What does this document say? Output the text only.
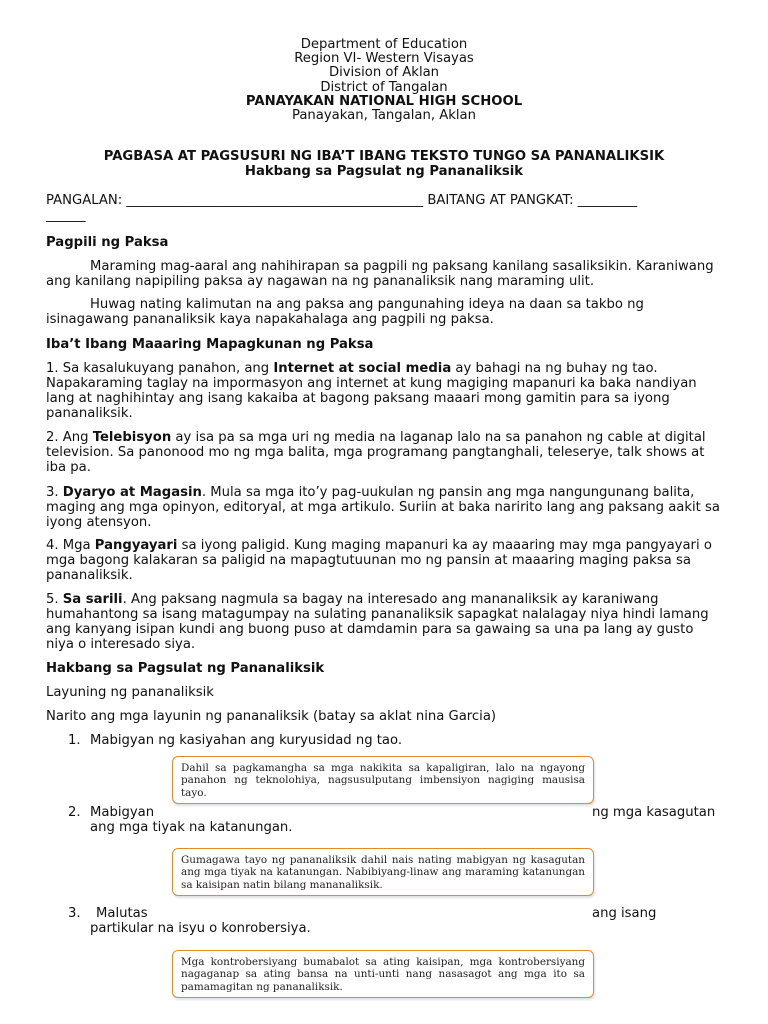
Department of Education
Region VI- Western Visayas
Division of Aklan
District of Tangalan
PANAYAKAN NATIONAL HIGH SCHOOL
Panayakan, Tangalan, Aklan
PAGBASA AT PAGSUSURI NG IBA’T IBANG TEKSTO TUNGO SA PANANALIKSIK
Hakbang sa Pagsulat ng Pananaliksik
PANGALAN: _____________________________________________ BAITANG AT PANGKAT: _________
______
Pagpili ng Paksa
Maraming mag-aaral ang nahihirapan sa pagpili ng paksang kanilang sasaliksikin. Karaniwang ang kanilang napipiling paksa ay nagawan na ng pananaliksik nang maraming ulit.
Huwag nating kalimutan na ang paksa ang pangunahing ideya na daan sa takbo ng isinagawang pananaliksik kaya napakahalaga ang pagpili ng paksa.
Iba’t Ibang Maaaring Mapagkunan ng Paksa
1. Sa kasalukuyang panahon, ang Internet at social media ay bahagi na ng buhay ng tao. Napakaraming taglay na impormasyon ang internet at kung magiging mapanuri ka baka nandiyan lang at naghihintay ang isang kakaiba at bagong paksang maaari mong gamitin para sa iyong pananaliksik.
2. Ang Telebisyon ay isa pa sa mga uri ng media na laganap lalo na sa panahon ng cable at digital television. Sa panonood mo ng mga balita, mga programang pangtanghali, teleserye, talk shows at iba pa.
3. Dyaryo at Magasin. Mula sa mga ito’y pag-uukulan ng pansin ang mga nangungunang balita, maging ang mga opinyon, editoryal, at mga artikulo. Suriin at baka naririto lang ang paksang aakit sa iyong atensyon.
4. Mga Pangyayari sa iyong paligid. Kung maging mapanuri ka ay maaaring may mga pangyayari o mga bagong kalakaran sa paligid na mapagtutuunan mo ng pansin at maaaring maging paksa sa pananaliksik.
5. Sa sarili. Ang paksang nagmula sa bagay na interesado ang mananaliksik ay karaniwang humahantong sa isang matagumpay na sulating pananaliksik sapagkat nalalagay niya hindi lamang ang kanyang isipan kundi ang buong puso at damdamin para sa gawaing sa una pa lang ay gusto niya o interesado siya.
Hakbang sa Pagsulat ng Pananaliksik
Layuning ng pananaliksik
Narito ang mga layunin ng pananaliksik (batay sa aklat nina Garcia)
1. Mabigyan ng kasiyahan ang kuryusidad ng tao.
Dahil sa pagkamangha sa mga nakikita sa kapaligiran, lalo na ngayong panahon ng teknolohiya, nagsusulputang imbensiyon nagiging mausisa tayo.
2. Mabigyan	ng mga kasagutan
ang mga tiyak na katanungan.
Gumagawa tayo ng pananaliksik dahil nais nating mabigyan ng kasagutan ang mga tiyak na katanungan. Nabibiyang-linaw ang maraming katanungan sa kaisipan natin bilang mananaliksik.
3. Malutas	ang isang
partikular na isyu o konrobersiya.
Mga kontrobersiyang bumabalot sa ating kaisipan, mga kontrobersiyang nagaganap sa ating bansa na unti-unti nang nasasagot ang mga ito sa pamamagitan ng pananaliksik.
